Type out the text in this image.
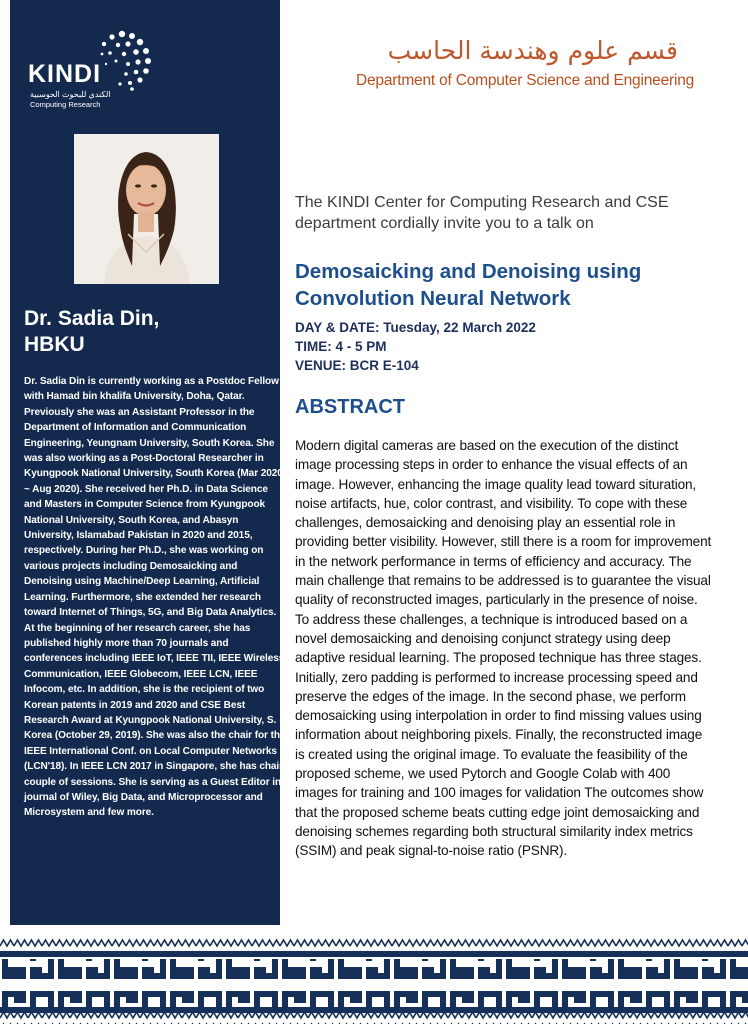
KINDI
الكندي للبحوث الحوسبية
Computing Research
Dr. Sadia Din,
HBKU
Dr. Sadia Din is currently working as a Postdoc Fellow with Hamad bin khalifa University, Doha, Qatar. Previously she was an Assistant Professor in the Department of Information and Communication Engineering, Yeungnam University, South Korea. She was also working as a Post-Doctoral Researcher in Kyungpook National University, South Korea (Mar 2020 ~ Aug 2020). She received her Ph.D. in Data Science and Masters in Computer Science from Kyungpook National University, South Korea, and Abasyn University, Islamabad Pakistan in 2020 and 2015, respectively. During her Ph.D., she was working on various projects including Demosaicking and Denoising using Machine/Deep Learning, Artificial Learning. Furthermore, she extended her research toward Internet of Things, 5G, and Big Data Analytics. At the beginning of her research career, she has published highly more than 70 journals and conferences including IEEE IoT, IEEE TII, IEEE Wireless Communication, IEEE Globecom, IEEE LCN, IEEE Infocom, etc. In addition, she is the recipient of two Korean patents in 2019 and 2020 and CSE Best Research Award at Kyungpook National University, S. Korea (October 29, 2019). She was also the chair for the IEEE International Conf. on Local Computer Networks (LCN'18). In IEEE LCN 2017 in Singapore, she has chair couple of sessions. She is serving as a Guest Editor in journal of Wiley, Big Data, and Microprocessor and Microsystem and few more.
قسم علوم وهندسة الحاسب
Department of Computer Science and Engineering
The KINDI Center for Computing Research and CSE department cordially invite you to a talk on
Demosaicking and Denoising using Convolution Neural Network
DAY & DATE: Tuesday, 22 March 2022
TIME: 4 - 5 PM
VENUE: BCR E-104
ABSTRACT
Modern digital cameras are based on the execution of the distinct image processing steps in order to enhance the visual effects of an image. However, enhancing the image quality lead toward situration, noise artifacts, hue, color contrast, and visibility. To cope with these challenges, demosaicking and denoising play an essential role in providing better visibility. However, still there is a room for improvement in the network performance in terms of efficiency and accuracy. The main challenge that remains to be addressed is to guarantee the visual quality of reconstructed images, particularly in the presence of noise. To address these challenges, a technique is introduced based on a novel demosaicking and denoising conjunct strategy using deep adaptive residual learning. The proposed technique has three stages. Initially, zero padding is performed to increase processing speed and preserve the edges of the image. In the second phase, we perform demosaicking using interpolation in order to find missing values using information about neighboring pixels. Finally, the reconstructed image is created using the original image. To evaluate the feasibility of the proposed scheme, we used Pytorch and Google Colab with 400 images for training and 100 images for validation The outcomes show that the proposed scheme beats cutting edge joint demosaicking and denoising schemes regarding both structural similarity index metrics (SSIM) and peak signal-to-noise ratio (PSNR).
